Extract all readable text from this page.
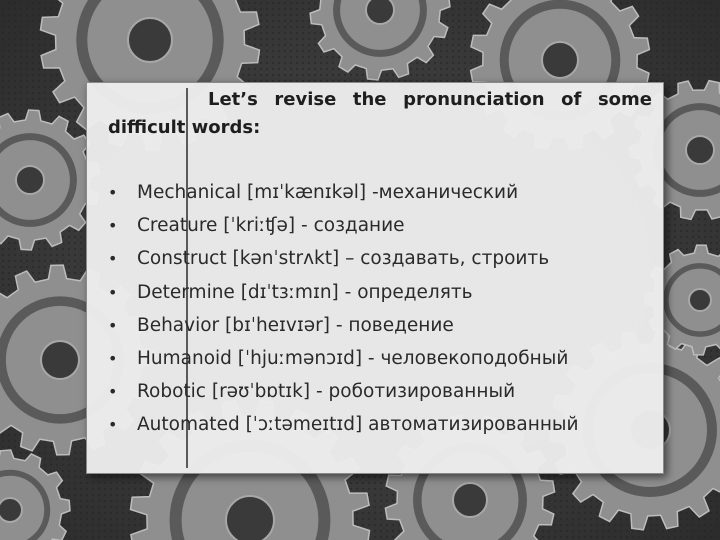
Let’s revise the pronunciation of some difficult words:
•	Mechanical [mɪˈkænɪkəl] -механический
•	Creature [ˈkriːʧə] - создание
•	Construct [kənˈstrʌkt] – создавать, строить
•	Determine [dɪˈtɜːmɪn] - определять
•	Behavior [bɪˈheɪvɪər] - поведение
•	Humanoid [ˈhjuːmənɔɪd] - человекоподобный
•	Robotic [rəʊˈbɒtɪk] - роботизированный
•	Automated [ˈɔːtəmeɪtɪd] автоматизированный
